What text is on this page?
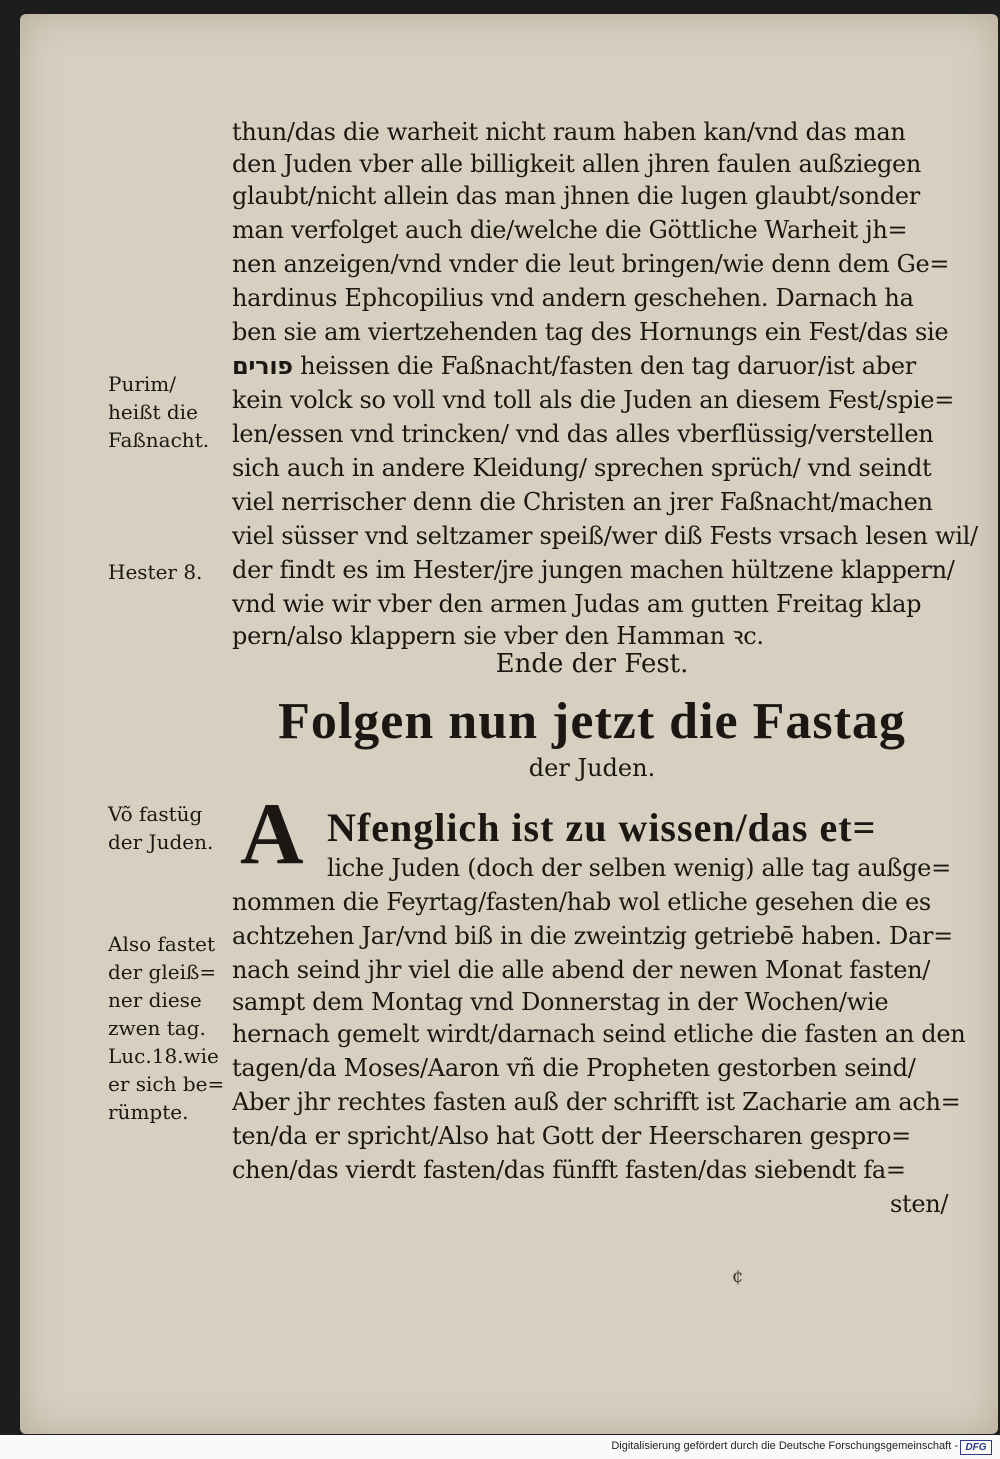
thun/das die warheit nicht raum haben kan/vnd das man
den Juden vber alle billigkeit allen jhren faulen außziegen
glaubt/nicht allein das man jhnen die lugen glaubt/sonder
man verfolget auch die/welche die Göttliche Warheit jh=
nen anzeigen/vnd vnder die leut bringen/wie denn dem Ge=
hardinus Ephcopilius vnd andern geschehen. Darnach ha
ben sie am viertzehenden tag des Hornungs ein Fest/das sie
פורים heissen die Faßnacht/fasten den tag daruor/ist aber
kein volck so voll vnd toll als die Juden an diesem Fest/spie=
len/essen vnd trincken/ vnd das alles vberflüssig/verstellen
sich auch in andere Kleidung/ sprechen sprüch/ vnd seindt
viel nerrischer denn die Christen an jrer Faßnacht/machen
viel süsser vnd seltzamer speiß/wer diß Fests vrsach lesen wil/
der findt es im Hester/jre jungen machen hültzene klappern/
vnd wie wir vber den armen Judas am gutten Freitag klap
pern/also klappern sie vber den Hamman ꝛc.
Purim/
heißt die
Faßnacht.
Hester 8.
Võ fastüg
der Juden.
Also fastet
der gleiß=
ner diese
zwen tag.
Luc.18.wie
er sich be=
rümpte.
Ende der Fest.
Folgen nun jetzt die Fastag
der Juden.
A Nfenglich ist zu wissen/das et=
liche Juden (doch der selben wenig) alle tag außge=
nommen die Feyrtag/fasten/hab wol etliche gesehen die es
achtzehen Jar/vnd biß in die zweintzig getriebē haben. Dar=
nach seind jhr viel die alle abend der newen Monat fasten/
sampt dem Montag vnd Donnerstag in der Wochen/wie
hernach gemelt wirdt/darnach seind etliche die fasten an den
tagen/da Moses/Aaron vñ die Propheten gestorben seind/
Aber jhr rechtes fasten auß der schrifft ist Zacharie am ach=
ten/da er spricht/Also hat Gott der Heerscharen gespro=
chen/das vierdt fasten/das fünfft fasten/das siebendt fa=
sten/
¢
Digitalisierung gefördert durch die Deutsche Forschungsgemeinschaft - DFG
